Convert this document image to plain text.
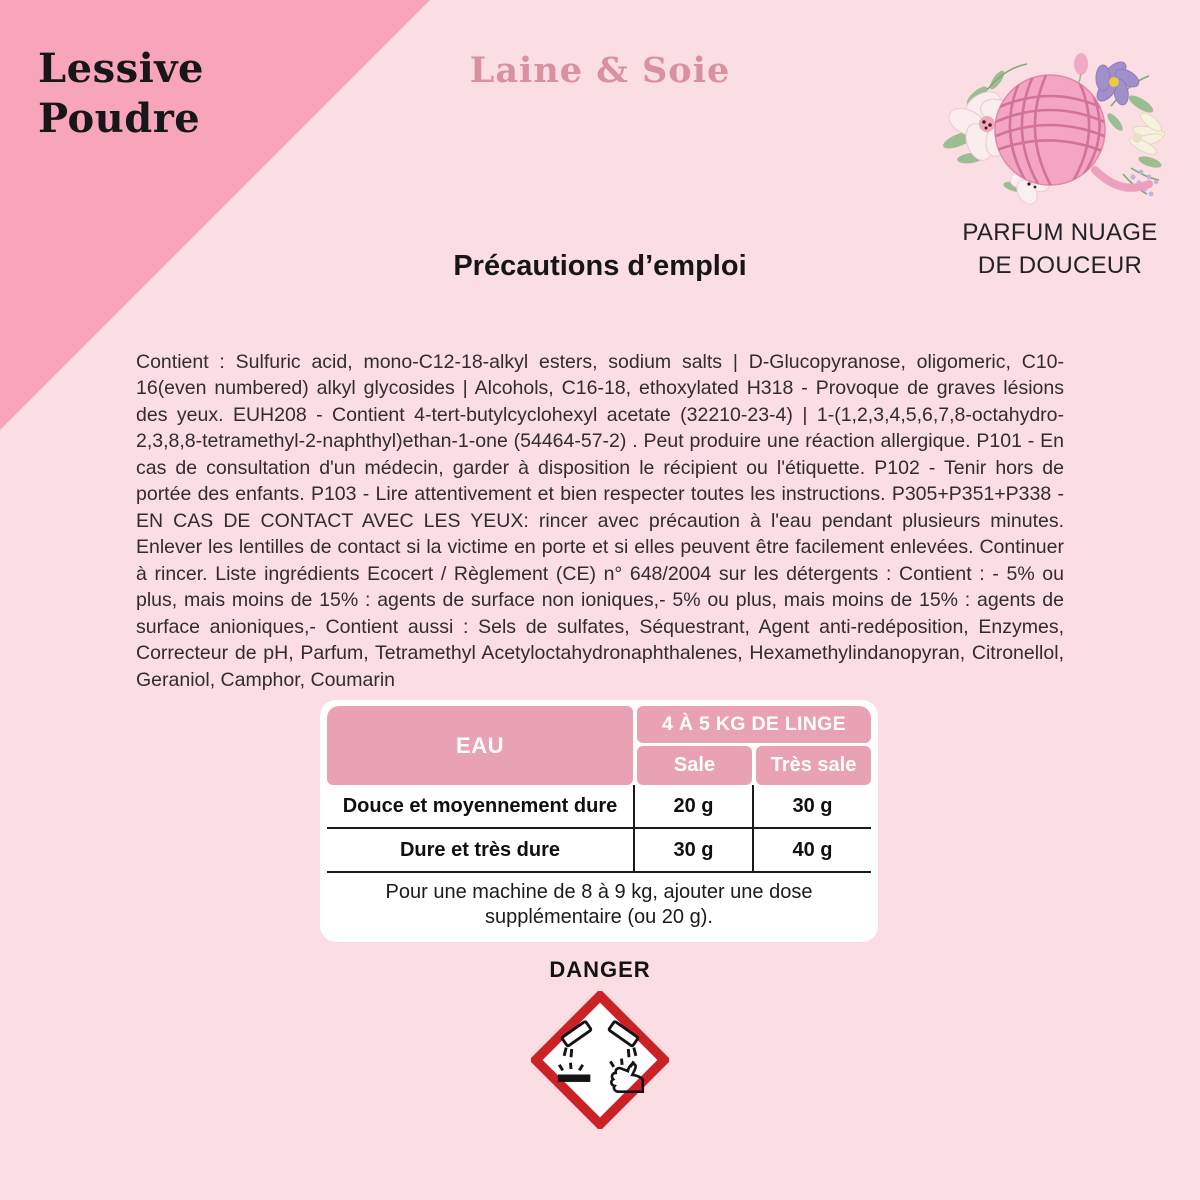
Lessive
Poudre
Laine & Soie
PARFUM NUAGE
DE DOUCEUR
Précautions d’emploi

Contient : Sulfuric acid, mono-C12-18-alkyl esters, sodium salts | D-Glucopyranose, oligomeric, C10-16(even numbered) alkyl glycosides | Alcohols, C16-18, ethoxylated H318 - Provoque de graves lésions des yeux. EUH208 - Contient 4-tert-butylcyclohexyl acetate (32210-23-4) | 1-(1,2,3,4,5,6,7,8-octahydro-2,3,8,8-tetramethyl-2-naphthyl)ethan-1-one (54464-57-2) . Peut produire une réaction allergique. P101 - En cas de consultation d'un médecin, garder à disposition le récipient ou l'étiquette. P102 - Tenir hors de portée des enfants. P103 - Lire attentivement et bien respecter toutes les instructions. P305+P351+P338 - EN CAS DE CONTACT AVEC LES YEUX: rincer avec précaution à l'eau pendant plusieurs minutes. Enlever les lentilles de contact si la victime en porte et si elles peuvent être facilement enlevées. Continuer à rincer. Liste ingrédients Ecocert / Règlement (CE) n° 648/2004 sur les détergents : Contient : - 5% ou plus, mais moins de 15% : agents de surface non ioniques,- 5% ou plus, mais moins de 15% : agents de surface anioniques,- Contient aussi : Sels de sulfates, Séquestrant, Agent anti-redéposition, Enzymes, Correcteur de pH, Parfum, Tetramethyl Acetyloctahydronaphthalenes, Hexamethylindanopyran, Citronellol, Geraniol, Camphor, Coumarin

EAU
4 À 5 KG DE LINGE
Sale	Très sale
Douce et moyennement dure	20 g	30 g
Dure et très dure	30 g	40 g
Pour une machine de 8 à 9 kg, ajouter une dose supplémentaire (ou 20 g).
DANGER
